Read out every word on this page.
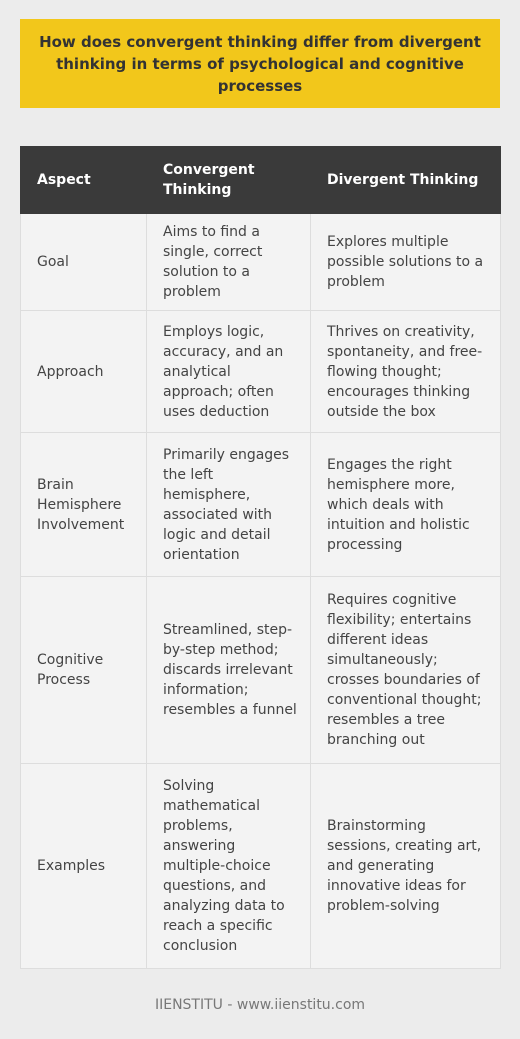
How does convergent thinking differ from divergent thinking in terms of psychological and cognitive processes
Aspect	Convergent Thinking	Divergent Thinking
Goal	Aims to find a single, correct solution to a problem	Explores multiple possible solutions to a problem
Approach	Employs logic, accuracy, and an analytical approach; often uses deduction	Thrives on creativity, spontaneity, and free-flowing thought; encourages thinking outside the box
Brain Hemisphere Involvement	Primarily engages the left hemisphere, associated with logic and detail orientation	Engages the right hemisphere more, which deals with intuition and holistic processing
Cognitive Process	Streamlined, step-by-step method; discards irrelevant information; resembles a funnel	Requires cognitive flexibility; entertains different ideas simultaneously; crosses boundaries of conventional thought; resembles a tree branching out
Examples	Solving mathematical problems, answering multiple-choice questions, and analyzing data to reach a specific conclusion	Brainstorming sessions, creating art, and generating innovative ideas for problem-solving
IIENSTITU - www.iienstitu.com
